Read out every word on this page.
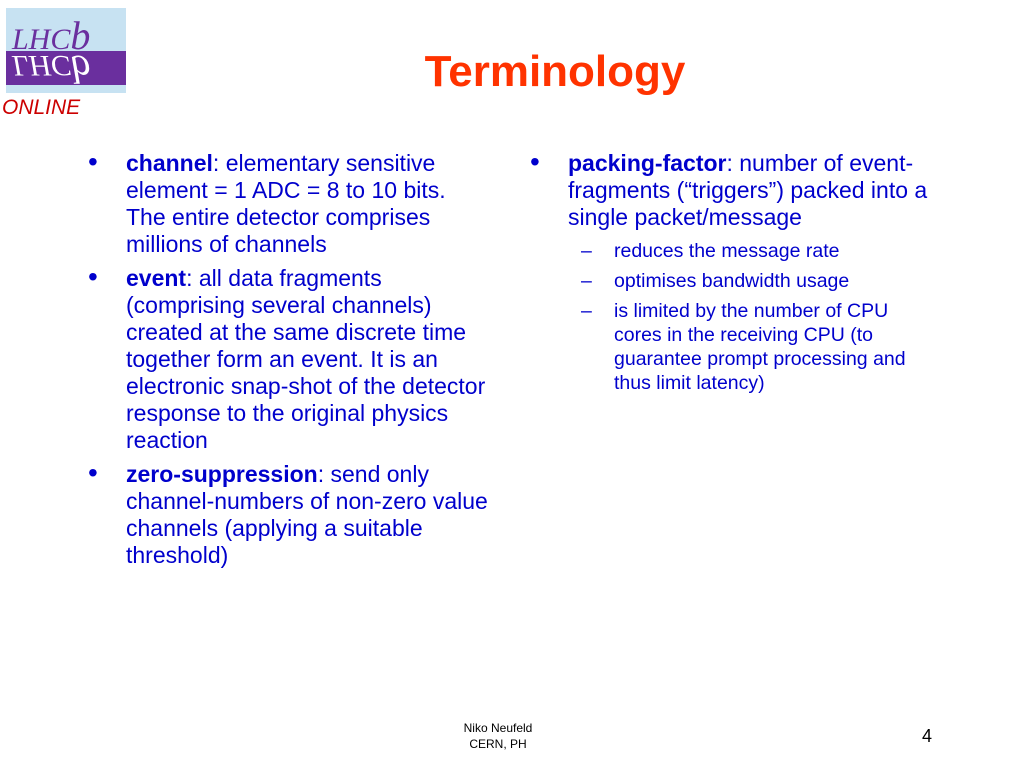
LHCb
LHCb
ONLINE
Terminology
• channel: elementary sensitive element = 1 ADC = 8 to 10 bits. The entire detector comprises millions of channels
• event: all data fragments (comprising several channels) created at the same discrete time together form an event. It is an electronic snap-shot of the detector response to the original physics reaction
• zero-suppression: send only channel-numbers of non-zero value channels (applying a suitable threshold)
• packing-factor: number of event-fragments (“triggers”) packed into a single packet/message
– reduces the message rate
– optimises bandwidth usage
– is limited by the number of CPU cores in the receiving CPU (to guarantee prompt processing and thus limit latency)
Niko Neufeld
CERN, PH	4
